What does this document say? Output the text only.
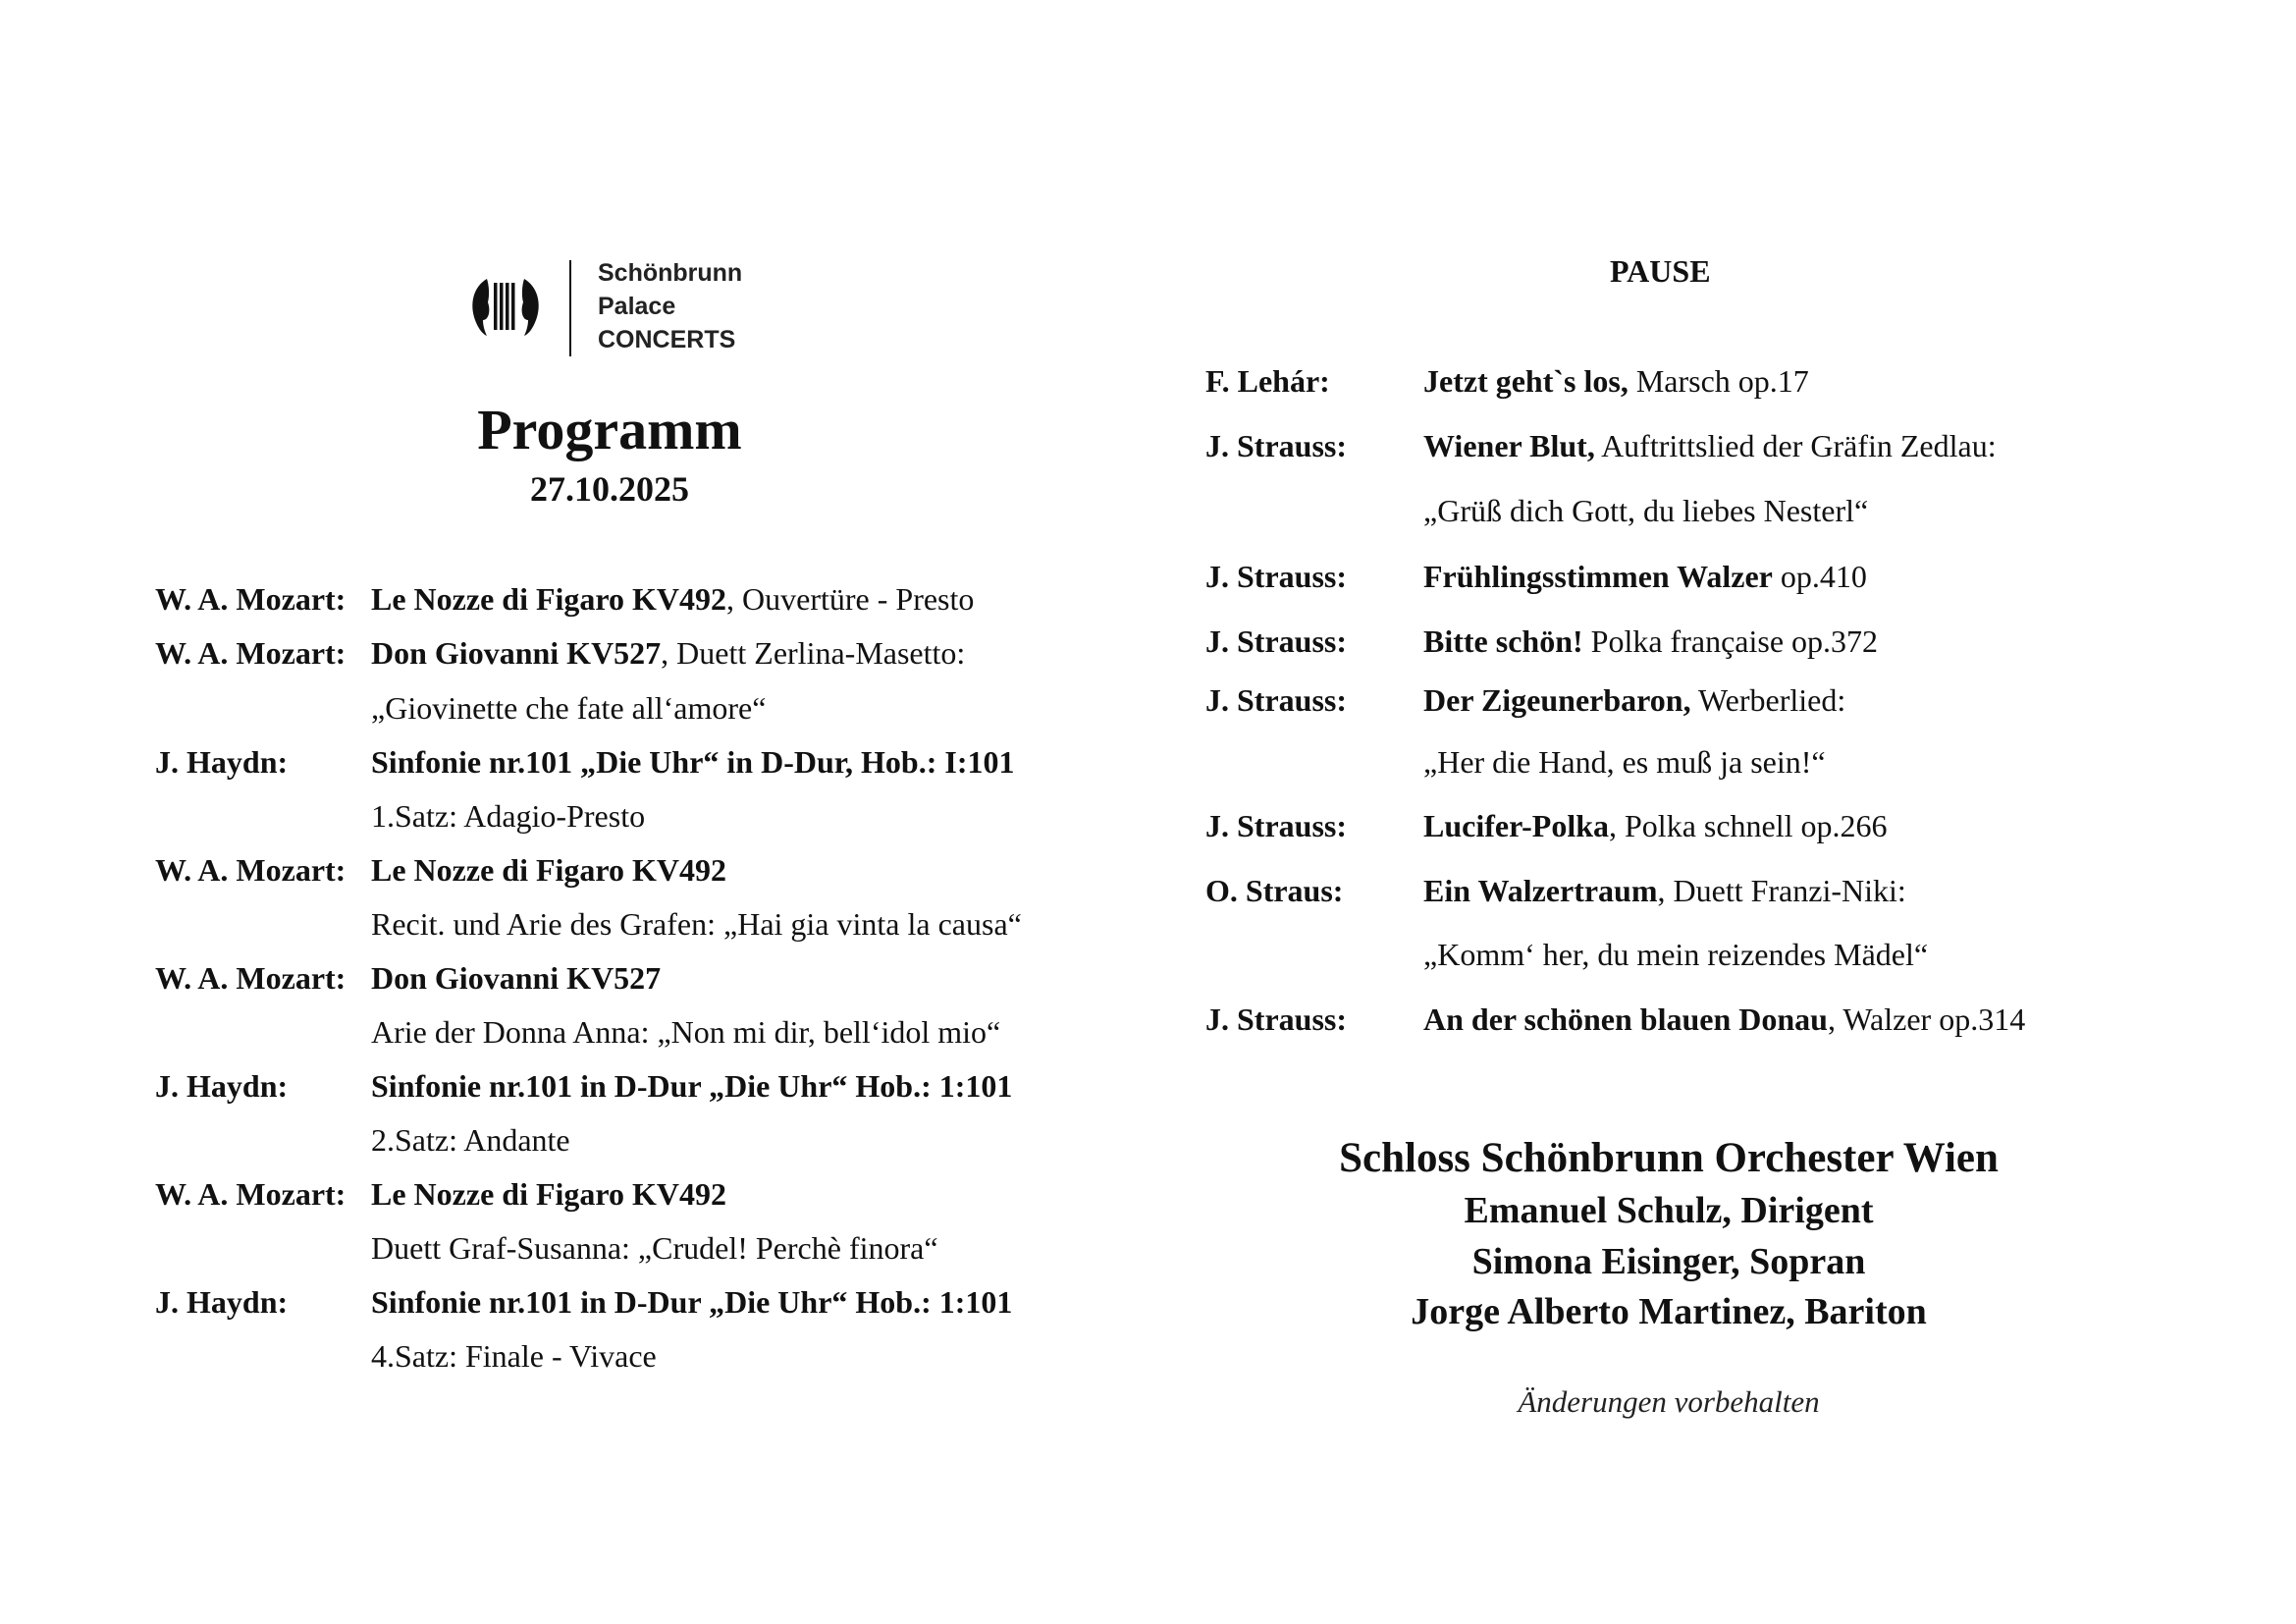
Schönbrunn
Palace
CONCERTS
Programm
27.10.2025
W. A. Mozart: Le Nozze di Figaro KV492, Ouvertüre - Presto
W. A. Mozart: Don Giovanni KV527, Duett Zerlina-Masetto:
„Giovinette che fate all‘amore“
J. Haydn:	Sinfonie nr.101 „Die Uhr“ in D-Dur, Hob.: I:101
1.Satz: Adagio-Presto
W. A. Mozart: Le Nozze di Figaro KV492
Recit. und Arie des Grafen: „Hai gia vinta la causa“
W. A. Mozart: Don Giovanni KV527
Arie der Donna Anna: „Non mi dir, bell‘idol mio“
J. Haydn:	Sinfonie nr.101 in D-Dur „Die Uhr“ Hob.: 1:101
2.Satz: Andante
W. A. Mozart: Le Nozze di Figaro KV492
Duett Graf-Susanna: „Crudel! Perchè finora“
J. Haydn:	Sinfonie nr.101 in D-Dur „Die Uhr“ Hob.: 1:101
4.Satz: Finale - Vivace
PAUSE
F. Lehár:	Jetzt geht`s los, Marsch op.17
J. Strauss: Wiener Blut, Auftrittslied der Gräfin Zedlau:
„Grüß dich Gott, du liebes Nesterl“
J. Strauss: Frühlingsstimmen Walzer op.410
J. Strauss: Bitte schön! Polka française op.372
J. Strauss: Der Zigeunerbaron, Werberlied:
„Her die Hand, es muß ja sein!“
J. Strauss: Lucifer-Polka, Polka schnell op.266
O. Straus:	Ein Walzertraum, Duett Franzi-Niki:
„Komm‘ her, du mein reizendes Mädel“
J. Strauss: An der schönen blauen Donau, Walzer op.314
Schloss Schönbrunn Orchester Wien
Emanuel Schulz, Dirigent
Simona Eisinger, Sopran
Jorge Alberto Martinez, Bariton
Änderungen vorbehalten
